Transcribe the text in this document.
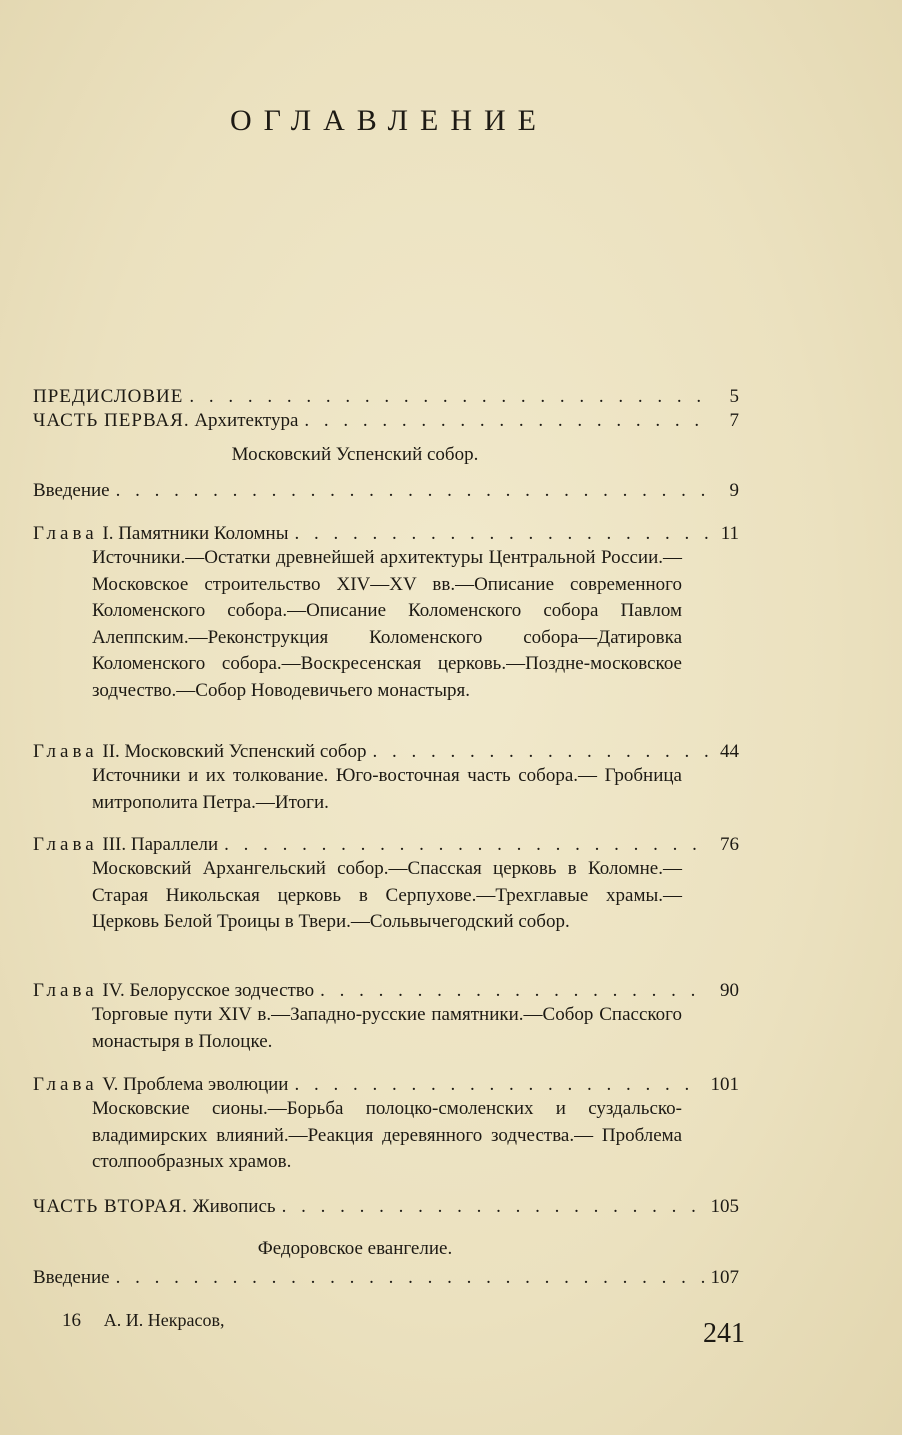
ОГЛАВЛЕНИЕ
ПРЕДИСЛОВИЕ . . .	5
ЧАСТЬ ПЕРВАЯ. Архитектура . . .	7
Московский Успенский собор.
Введение . . .	9
Глава I. Памятники Коломны . . .	11
Источники.—Остатки древнейшей архитектуры Центральной России.—Московское строительство XIV—XV вв.—Описание современного Коломенского собора.—Описание Коломенского собора Павлом Алеппским.—Реконструкция Коломенского собора—Датировка Коломенского собора.—Воскресенская церковь.—Поздне-московское зодчество.—Собор Новодевичьего монастыря.
Глава II. Московский Успенский собор . . .	44
Источники и их толкование. Юго-восточная часть собора.— Гробница митрополита Петра.—Итоги.
Глава III. Параллели . . .	76
Московский Архангельский собор.—Спасская церковь в Коломне.—Старая Никольская церковь в Серпухове.—Трехглавые храмы.—Церковь Белой Троицы в Твери.—Сольвычегодский собор.
Глава IV. Белорусское зодчество . . .	90
Торговые пути XIV в.—Западно-русские памятники.—Собор Спасского монастыря в Полоцке.
Глава V. Проблема эволюции . . .	101
Московские сионы.—Борьба полоцко-смоленских и суздальско-владимирских влияний.—Реакция деревянного зодчества.— Проблема столпообразных храмов.
ЧАСТЬ ВТОРАЯ. Живопись . . .	105
Федоровское евангелие.
Введение . . .	107
16 А. И. Некрасов,	241
